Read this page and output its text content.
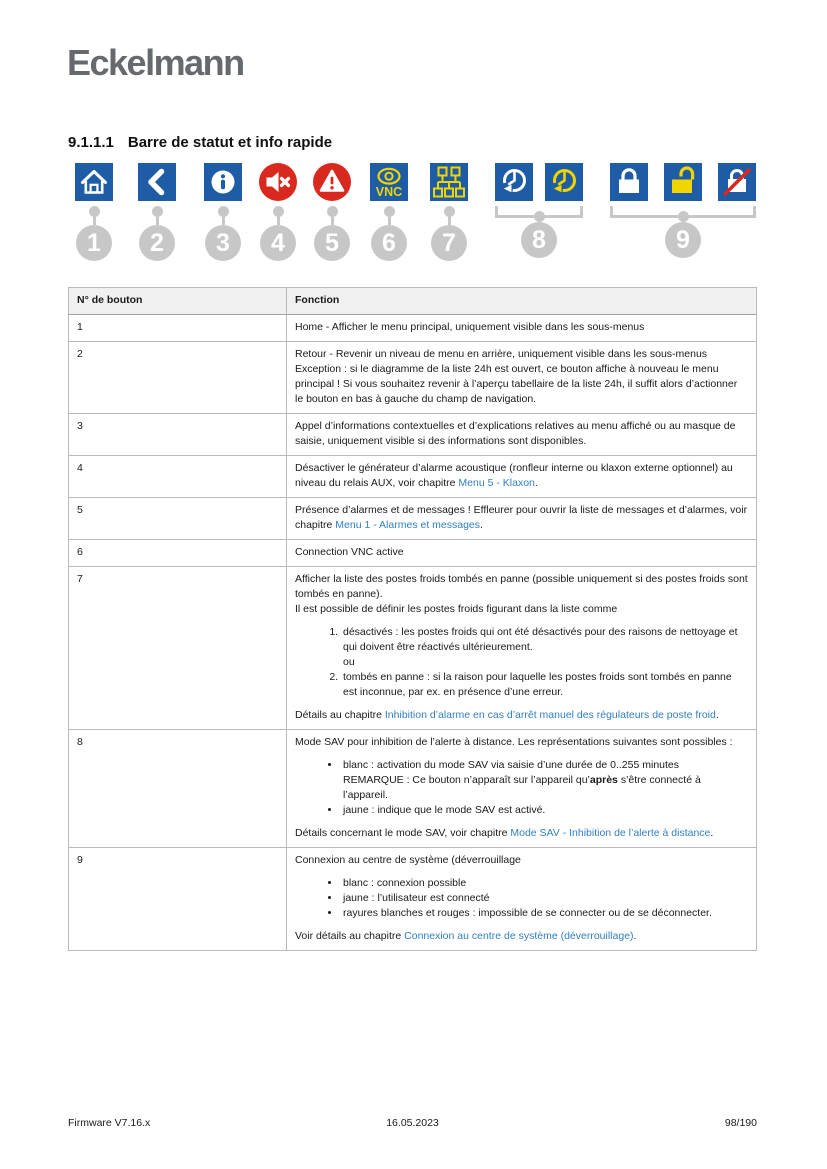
Eckelmann
9.1.1.1 Barre de statut et info rapide
1	2	3	4	5
VNC
6	7	8	9
N° de bouton	Fonction
1	Home - Afficher le menu principal, uniquement visible dans les sous-menus

2	Retour - Revenir un niveau de menu en arrière, uniquement visible dans les sous-menus
Exception : si le diagramme de la liste 24h est ouvert, ce bouton affiche à nouveau le menu principal ! Si vous souhaitez revenir à l’aperçu tabellaire de la liste 24h, il suffit alors d’actionner le bouton en bas à gauche du champ de navigation.

3	Appel d’informations contextuelles et d’explications relatives au menu affiché ou au masque de saisie, uniquement visible si des informations sont disponibles.

4	Désactiver le générateur d’alarme acoustique (ronfleur interne ou klaxon externe optionnel) au niveau du relais AUX, voir chapitre Menu 5 - Klaxon.

5	Présence d’alarmes et de messages ! Effleurer pour ouvrir la liste de messages et d’alarmes, voir chapitre Menu 1 - Alarmes et messages.

6	Connection VNC active

7	Afficher la liste des postes froids tombés en panne (possible uniquement si des postes froids sont tombés en panne).
Il est possible de définir les postes froids figurant dans la liste comme

1. désactivés : les postes froids qui ont été désactivés pour des raisons de nettoyage et qui doivent être réactivés ultérieurement.
ou
2. tombés en panne : si la raison pour laquelle les postes froids sont tombés en panne est inconnue, par ex. en présence d’une erreur.

Détails au chapitre Inhibition d’alarme en cas d’arrêt manuel des régulateurs de poste froid.

8	Mode SAV pour inhibition de l’alerte à distance. Les représentations suivantes sont possibles :

• blanc : activation du mode SAV via saisie d’une durée de 0..255 minutes
REMARQUE : Ce bouton n’apparaît sur l’appareil qu’après s’être connecté à l’appareil.
• jaune : indique que le mode SAV est activé.

Détails concernant le mode SAV, voir chapitre Mode SAV - Inhibition de l’alerte à distance.

9	Connexion au centre de système (déverrouillage

• blanc : connexion possible
• jaune : l’utilisateur est connecté
• rayures blanches et rouges : impossible de se connecter ou de se déconnecter.

Voir détails au chapitre Connexion au centre de système (déverrouillage).

Firmware V7.16.x	16.05.2023	98/190
